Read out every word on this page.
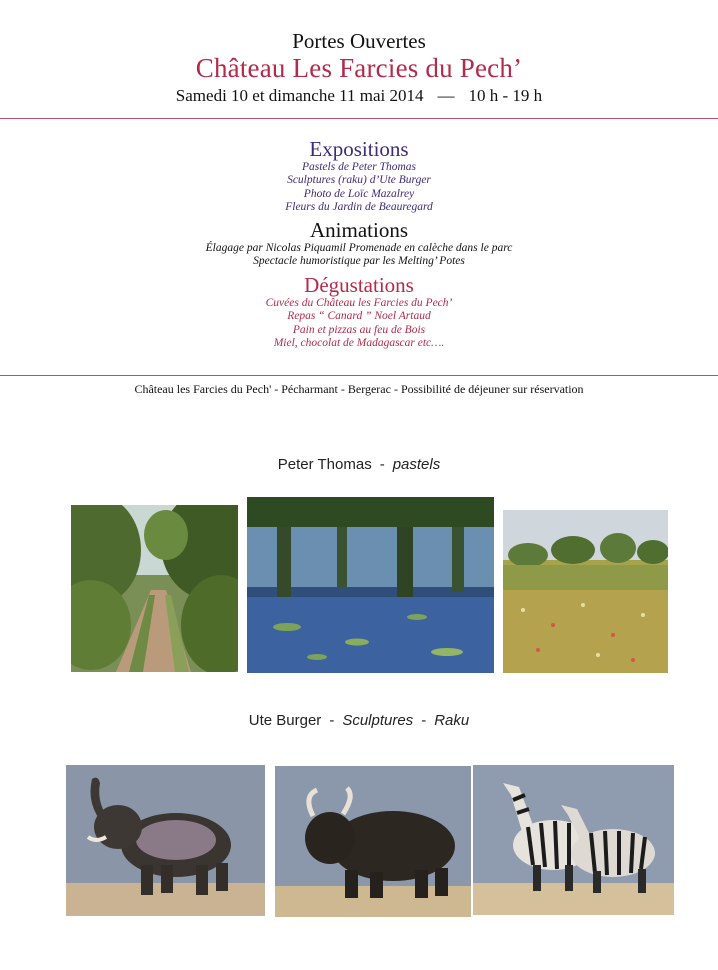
Portes Ouvertes
Château Les Farcies du Pech’
Samedi 10 et dimanche 11 mai 2014 — 10 h - 19 h
Expositions
Pastels de Peter Thomas
Sculptures (raku) d’Ute Burger
Photo de Loïc Mazalrey
Fleurs du Jardin de Beauregard
Animations
Élagage par Nicolas Piquamil Promenade en calèche dans le parc
Spectacle humoristique par les Melting’ Potes
Dégustations
Cuvées du Château les Farcies du Pech’
Repas “ Canard ” Noel Artaud
Pain et pizzas au feu de Bois
Miel, chocolat de Madagascar etc….
Château les Farcies du Pech' - Pécharmant - Bergerac - Possibilité de déjeuner sur réservation
Peter Thomas - pastels
Ute Burger - Sculptures - Raku
